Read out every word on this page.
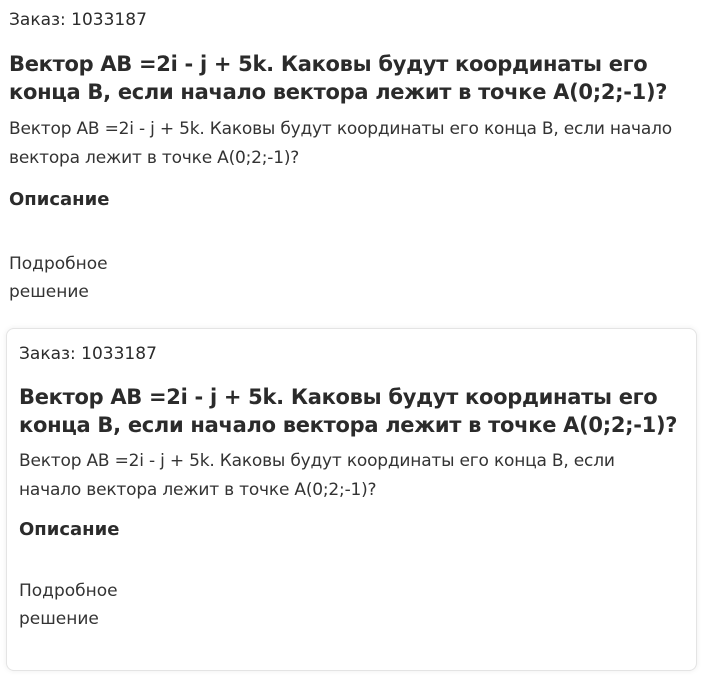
Заказ: 1033187
Вектор АВ =2i - j + 5k. Каковы будут координаты его конца В, если начало вектора лежит в точке А(0;2;-1)?
Вектор АВ =2i - j + 5k. Каковы будут координаты его конца В, если начало вектора лежит в точке А(0;2;-1)?
Описание
Подробное решение
Заказ: 1033187
Вектор АВ =2i - j + 5k. Каковы будут координаты его конца В, если начало вектора лежит в точке А(0;2;-1)?
Вектор АВ =2i - j + 5k. Каковы будут координаты его конца В, если начало вектора лежит в точке А(0;2;-1)?
Описание
Подробное решение
